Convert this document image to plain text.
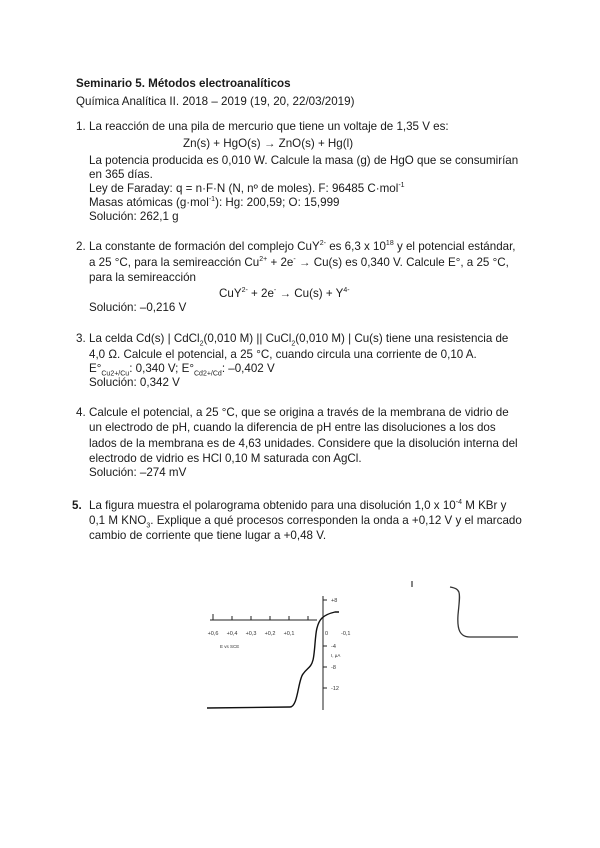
Seminario 5. Métodos electroanalíticos
Química Analítica II. 2018 – 2019 (19, 20, 22/03/2019)
1. La reacción de una pila de mercurio que tiene un voltaje de 1,35 V es:
Zn(s) + HgO(s) → ZnO(s) + Hg(l)
La potencia producida es 0,010 W. Calcule la masa (g) de HgO que se consumirían
en 365 días.
Ley de Faraday: q = n·F·N (N, nº de moles). F: 96485 C·mol$^{-1}$
Masas atómicas (g·mol$^{-1}$): Hg: 200,59; O: 15,999
Solución: 262,1 g
2. La constante de formación del complejo CuY$^{2-}$ es 6,3 x $10^{18}$ y el potencial estándar,
a 25 °C, para la semireacción $Cu^{2+} + 2e^- \to Cu(s)$ es 0,340 V. Calcule E°, a 25 °C,
para la semireacción
$CuY^{2-} + 2e^- \to Cu(s) + Y^{4-}$
Solución: –0,216 V
3. La celda Cd(s) | CdCl$_2$(0,010 M) || CuCl$_2$(0,010 M) | Cu(s) tiene una resistencia de
4,0 Ω. Calcule el potencial, a 25 °C, cuando circula una corriente de 0,10 A.
$E^\circ_{Cu2+/Cu}$: 0,340 V; $E^\circ_{Cd2+/Cd}$: –0,402 V
Solución: 0,342 V
4. Calcule el potencial, a 25 °C, que se origina a través de la membrana de vidrio de
un electrodo de pH, cuando la diferencia de pH entre las disoluciones a los dos
lados de la membrana es de 4,63 unidades. Considere que la disolución interna del
electrodo de vidrio es HCl 0,10 M saturada con AgCl.
Solución: –274 mV
5. La figura muestra el polarograma obtenido para una disolución 1,0 x $10^{-4}$ M KBr y
0,1 M $KNO_3$. Explique a qué procesos corresponden la onda a +0,12 V y el marcado
cambio de corriente que tiene lugar a +0,48 V.
+0,6 +0,4 +0,3 +0,2 +0,1	0 -0,1
E vs SCE
+8
-4
-8
-12
I, µA
